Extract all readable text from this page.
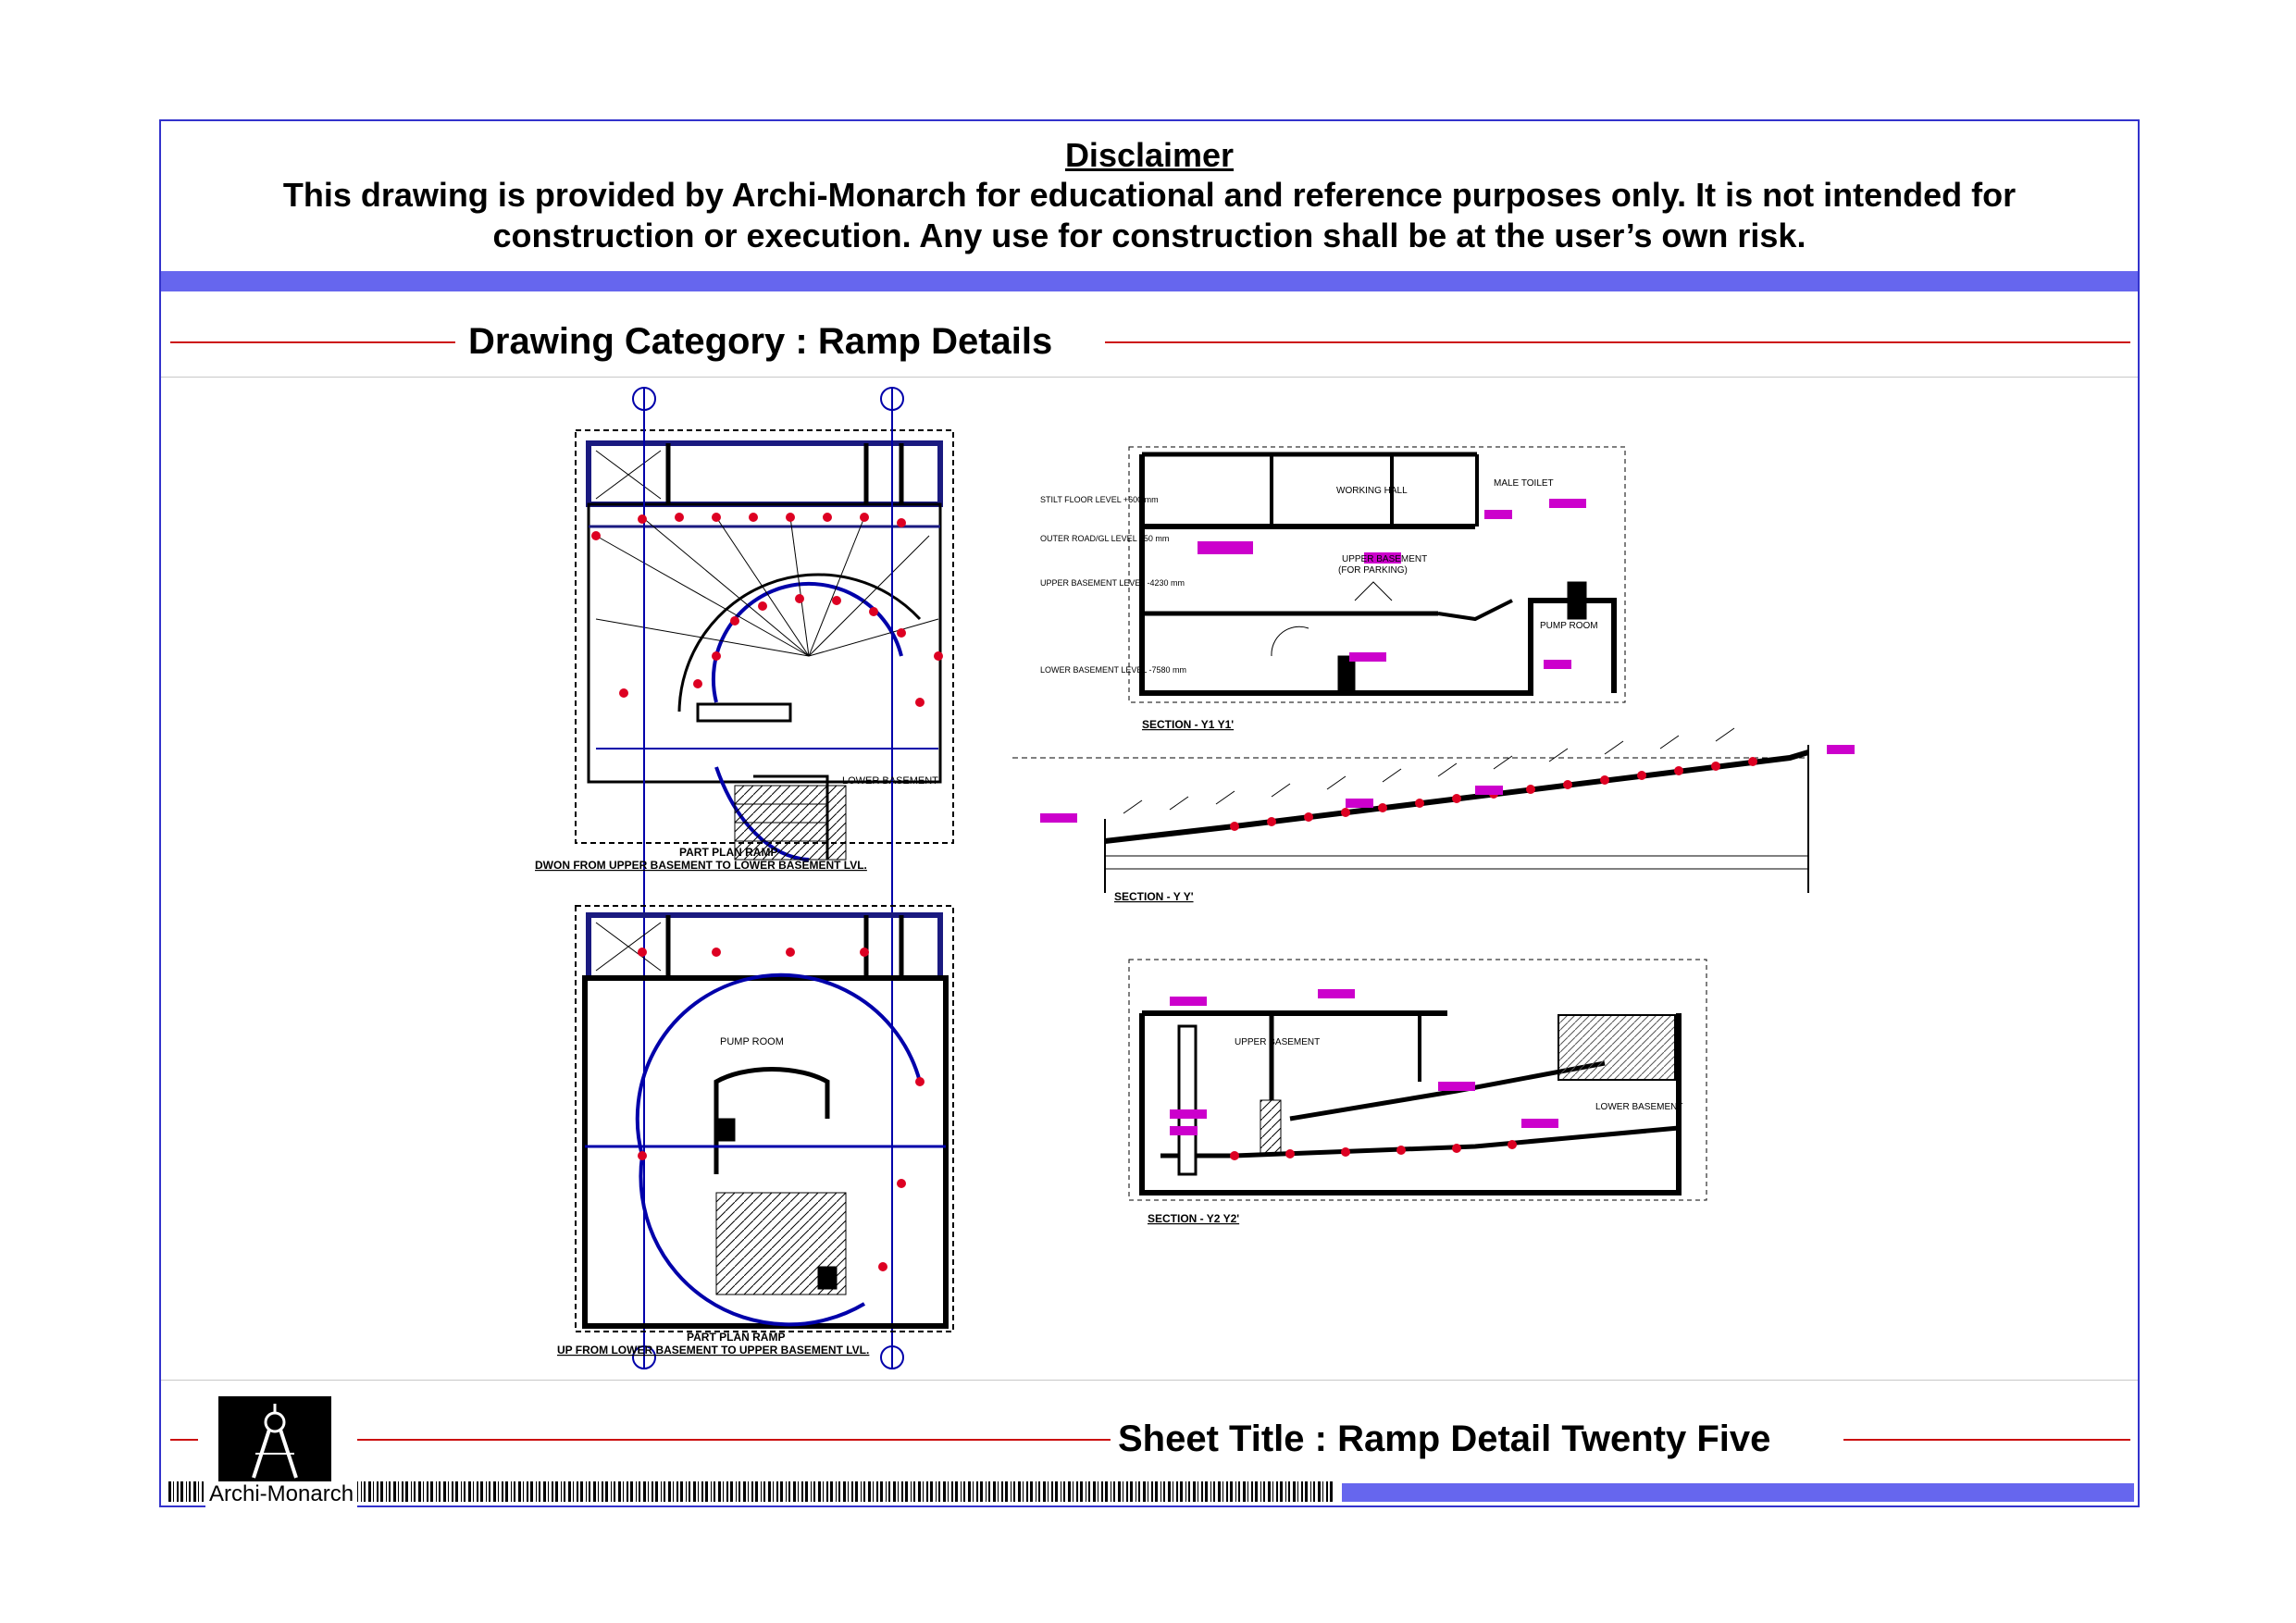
Disclaimer
This drawing is provided by Archi-Monarch for educational and reference purposes only. It is not intended for construction or execution. Any use for construction shall be at the user’s own risk.
Drawing Category : Ramp Details
PART PLAN RAMP
DWON FROM UPPER BASEMENT TO LOWER BASEMENT LVL.
LOWER BASEMENT
PUMP ROOM
PART PLAN RAMP
UP FROM LOWER BASEMENT TO UPPER BASEMENT LVL.
WORKING HALL
UPPER BASEMENT
(FOR PARKING)
MALE TOILET
PUMP ROOM
STILT FLOOR LEVEL +600 mm
OUTER ROAD/GL LEVEL 150 mm
UPPER BASEMENT LEVEL -4230 mm
LOWER BASEMENT LEVEL -7580 mm
SECTION - Y1 Y1'
SECTION - Y Y'
UPPER BASEMENT
LOWER BASEMENT
SECTION - Y2 Y2'
Sheet Title : Ramp Detail Twenty Five
Archi-Monarch
